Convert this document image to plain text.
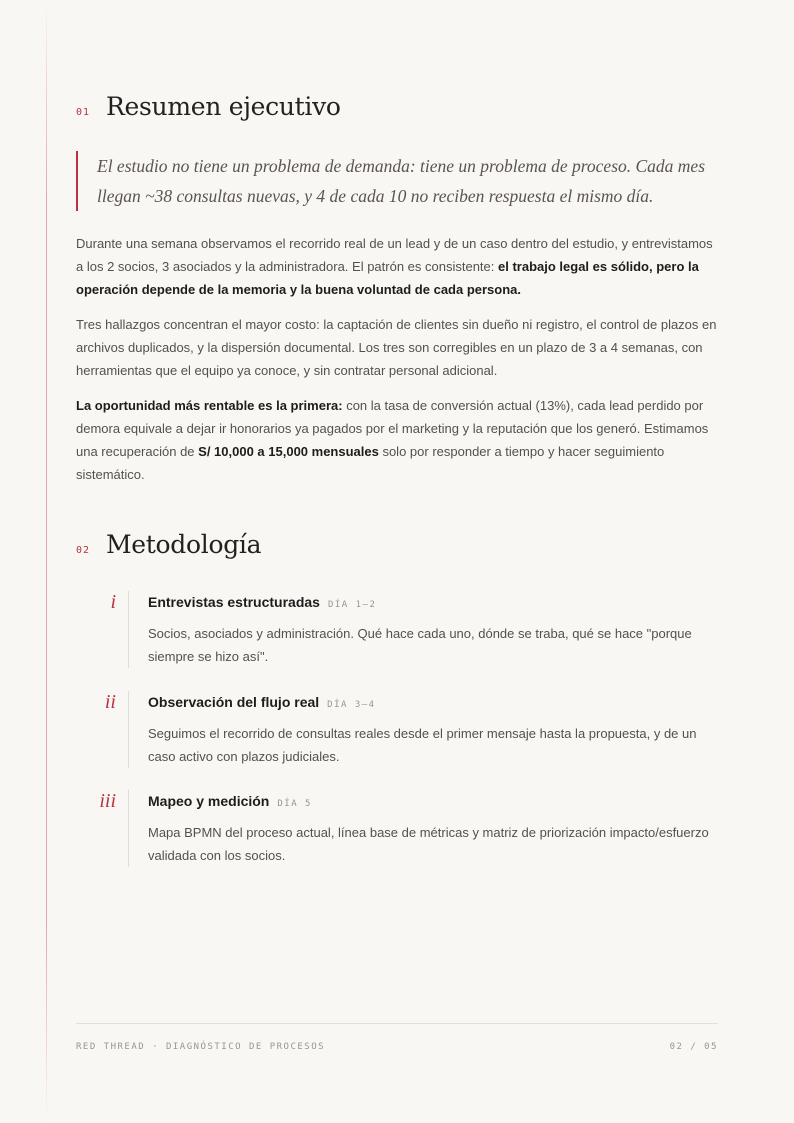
01 Resumen ejecutivo
El estudio no tiene un problema de demanda: tiene un problema de proceso. Cada mes llegan ~38 consultas nuevas, y 4 de cada 10 no reciben respuesta el mismo día.

Durante una semana observamos el recorrido real de un lead y de un caso dentro del estudio, y entrevistamos a los 2 socios, 3 asociados y la administradora. El patrón es consistente: el trabajo legal es sólido, pero la operación depende de la memoria y la buena voluntad de cada persona.

Tres hallazgos concentran el mayor costo: la captación de clientes sin dueño ni registro, el control de plazos en archivos duplicados, y la dispersión documental. Los tres son corregibles en un plazo de 3 a 4 semanas, con herramientas que el equipo ya conoce, y sin contratar personal adicional.

La oportunidad más rentable es la primera: con la tasa de conversión actual (13%), cada lead perdido por demora equivale a dejar ir honorarios ya pagados por el marketing y la reputación que los generó. Estimamos una recuperación de S/ 10,000 a 15,000 mensuales solo por responder a tiempo y hacer seguimiento sistemático.

02 Metodología
i Entrevistas estructuradas DÍA 1–2
Socios, asociados y administración. Qué hace cada uno, dónde se traba, qué se hace "porque siempre se hizo así".
ii Observación del flujo real DÍA 3–4
Seguimos el recorrido de consultas reales desde el primer mensaje hasta la propuesta, y de un caso activo con plazos judiciales.
iii Mapeo y medición DÍA 5
Mapa BPMN del proceso actual, línea base de métricas y matriz de priorización impacto/esfuerzo validada con los socios.
RED THREAD · DIAGNÓSTICO DE PROCESOS	02 / 05
